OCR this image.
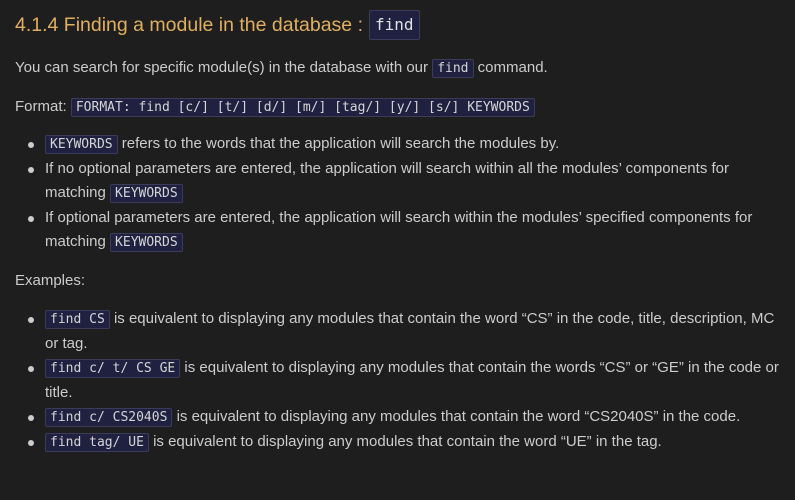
4.1.4 Finding a module in the database : find

You can search for specific module(s) in the database with our find command.

Format: FORMAT: find [c/] [t/] [d/] [m/] [tag/] [y/] [s/] KEYWORDS

KEYWORDS refers to the words that the application will search the modules by.
If no optional parameters are entered, the application will search within all the modules’ components for matching KEYWORDS
If optional parameters are entered, the application will search within the modules’ specified components for matching KEYWORDS

Examples:

find CS is equivalent to displaying any modules that contain the word “CS” in the code, title, description, MC or tag.
find c/ t/ CS GE is equivalent to displaying any modules that contain the words “CS” or “GE” in the code or title.
find c/ CS2040S is equivalent to displaying any modules that contain the word “CS2040S” in the code.
find tag/ UE is equivalent to displaying any modules that contain the word “UE” in the tag.
